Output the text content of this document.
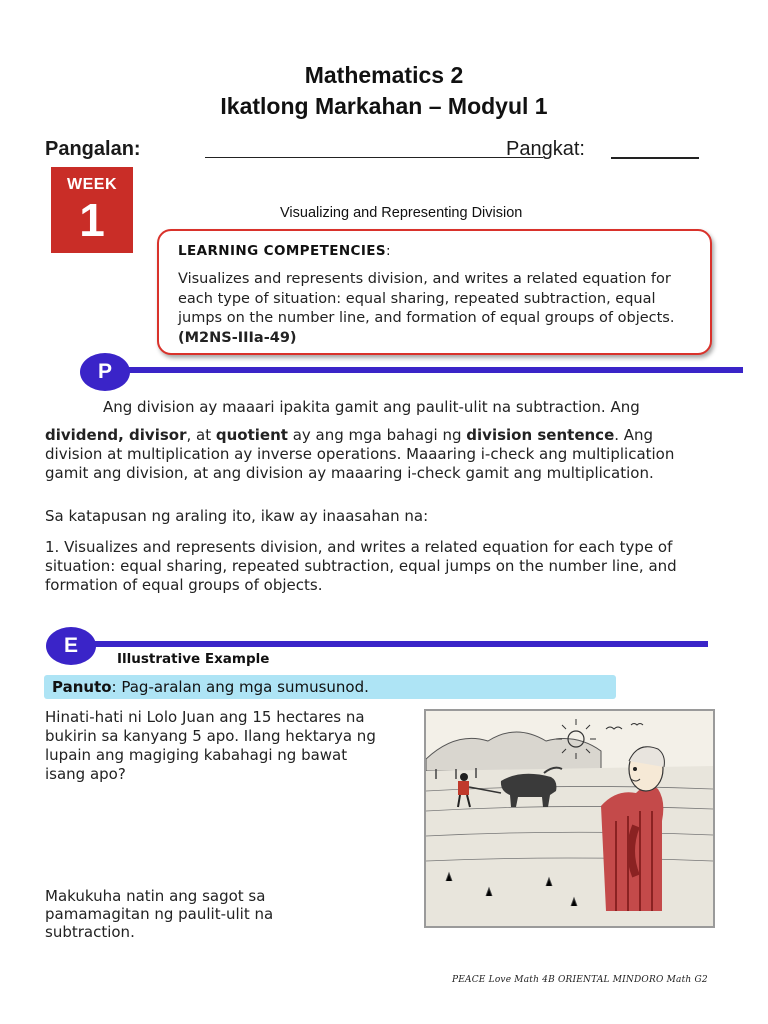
Mathematics 2
Ikatlong Markahan – Modyul 1
Pangalan:	Pangkat:
WEEK
1	Visualizing and Representing Division
LEARNING COMPETENCIES:
Visualizes and represents division, and writes a related equation for each type of situation: equal sharing, repeated subtraction, equal jumps on the number line, and formation of equal groups of objects.(M2NS-IIIa-49)
P
Ang division ay maaari ipakita gamit ang paulit-ulit na subtraction. Ang
dividend, divisor, at quotient ay ang mga bahagi ng division sentence. Ang division at multiplication ay inverse operations. Maaaring i-check ang multiplication gamit ang division, at ang division ay maaaring i-check gamit ang multiplication.
Sa katapusan ng araling ito, ikaw ay inaasahan na:
1. Visualizes and represents division, and writes a related equation for each type of situation: equal sharing, repeated subtraction, equal jumps on the number line, and formation of equal groups of objects.
E
Illustrative Example
Panuto: Pag-aralan ang mga sumusunod.
Hinati-hati ni Lolo Juan ang 15 hectares na bukirin sa kanyang 5 apo. Ilang hektarya ng lupain ang magiging kabahagi ng bawat isang apo?
Makukuha natin ang sagot sa pamamagitan ng paulit-ulit na subtraction.
PEACE Love Math 4B ORIENTAL MINDORO Math G2
